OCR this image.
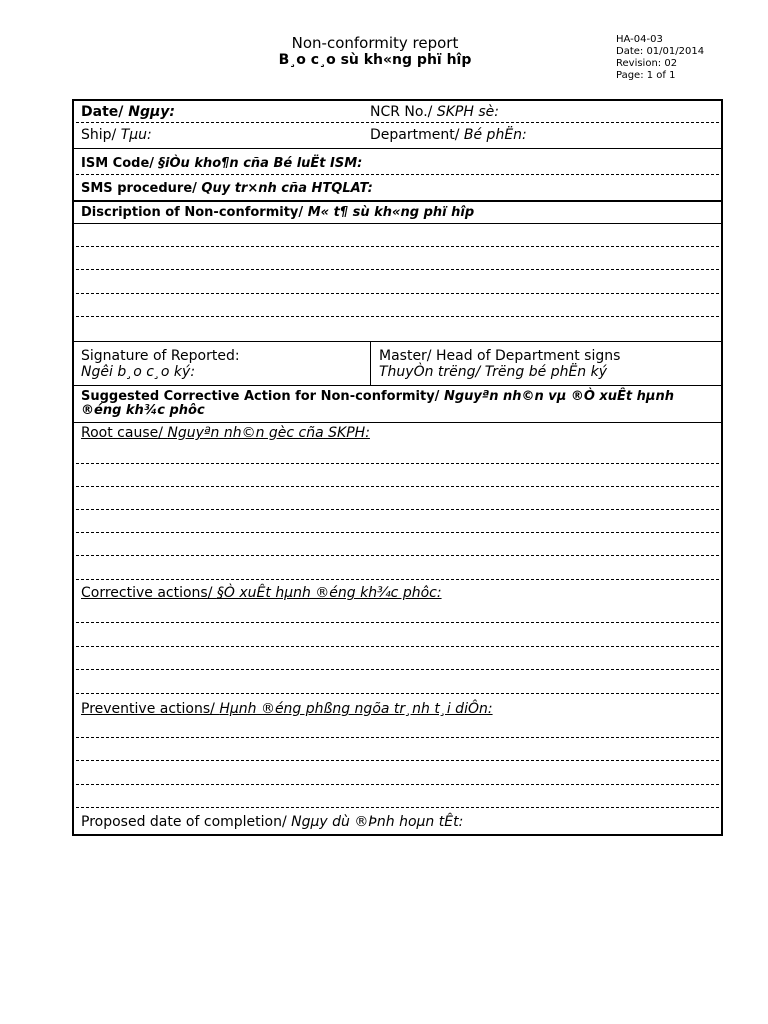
Non-conformity report
B¸o c¸o sù kh«ng phï hîp
HA-04-03
Date: 01/01/2014
Revision: 02
Page: 1 of 1
Date/ Ngµy:	NCR No./ SKPH sè:
Ship/ Tµu:	Department/ Bé phËn:
ISM Code/ §iÒu kho¶n cña Bé luËt ISM:
SMS procedure/ Quy tr×nh cña HTQLAT:
Discription of Non-conformity/ M« t¶ sù kh«ng phï hîp
Signature of Reported:
Ngêi b¸o c¸o ký:
Master/ Head of Department signs
ThuyÒn trëng/ Trëng bé phËn ký
Suggested Corrective Action for Non-conformity/ Nguyªn nh©n vµ ®Ò xuÊt hµnh ®éng kh¾c phôc
Root cause/ Nguyªn nh©n gèc cña SKPH:
Corrective actions/ §Ò xuÊt hµnh ®éng kh¾c phôc:
Preventive actions/ Hµnh ®éng phßng ngõa tr¸nh t¸i diÔn:
Proposed date of completion/ Ngµy dù ®Þnh hoµn tÊt:
